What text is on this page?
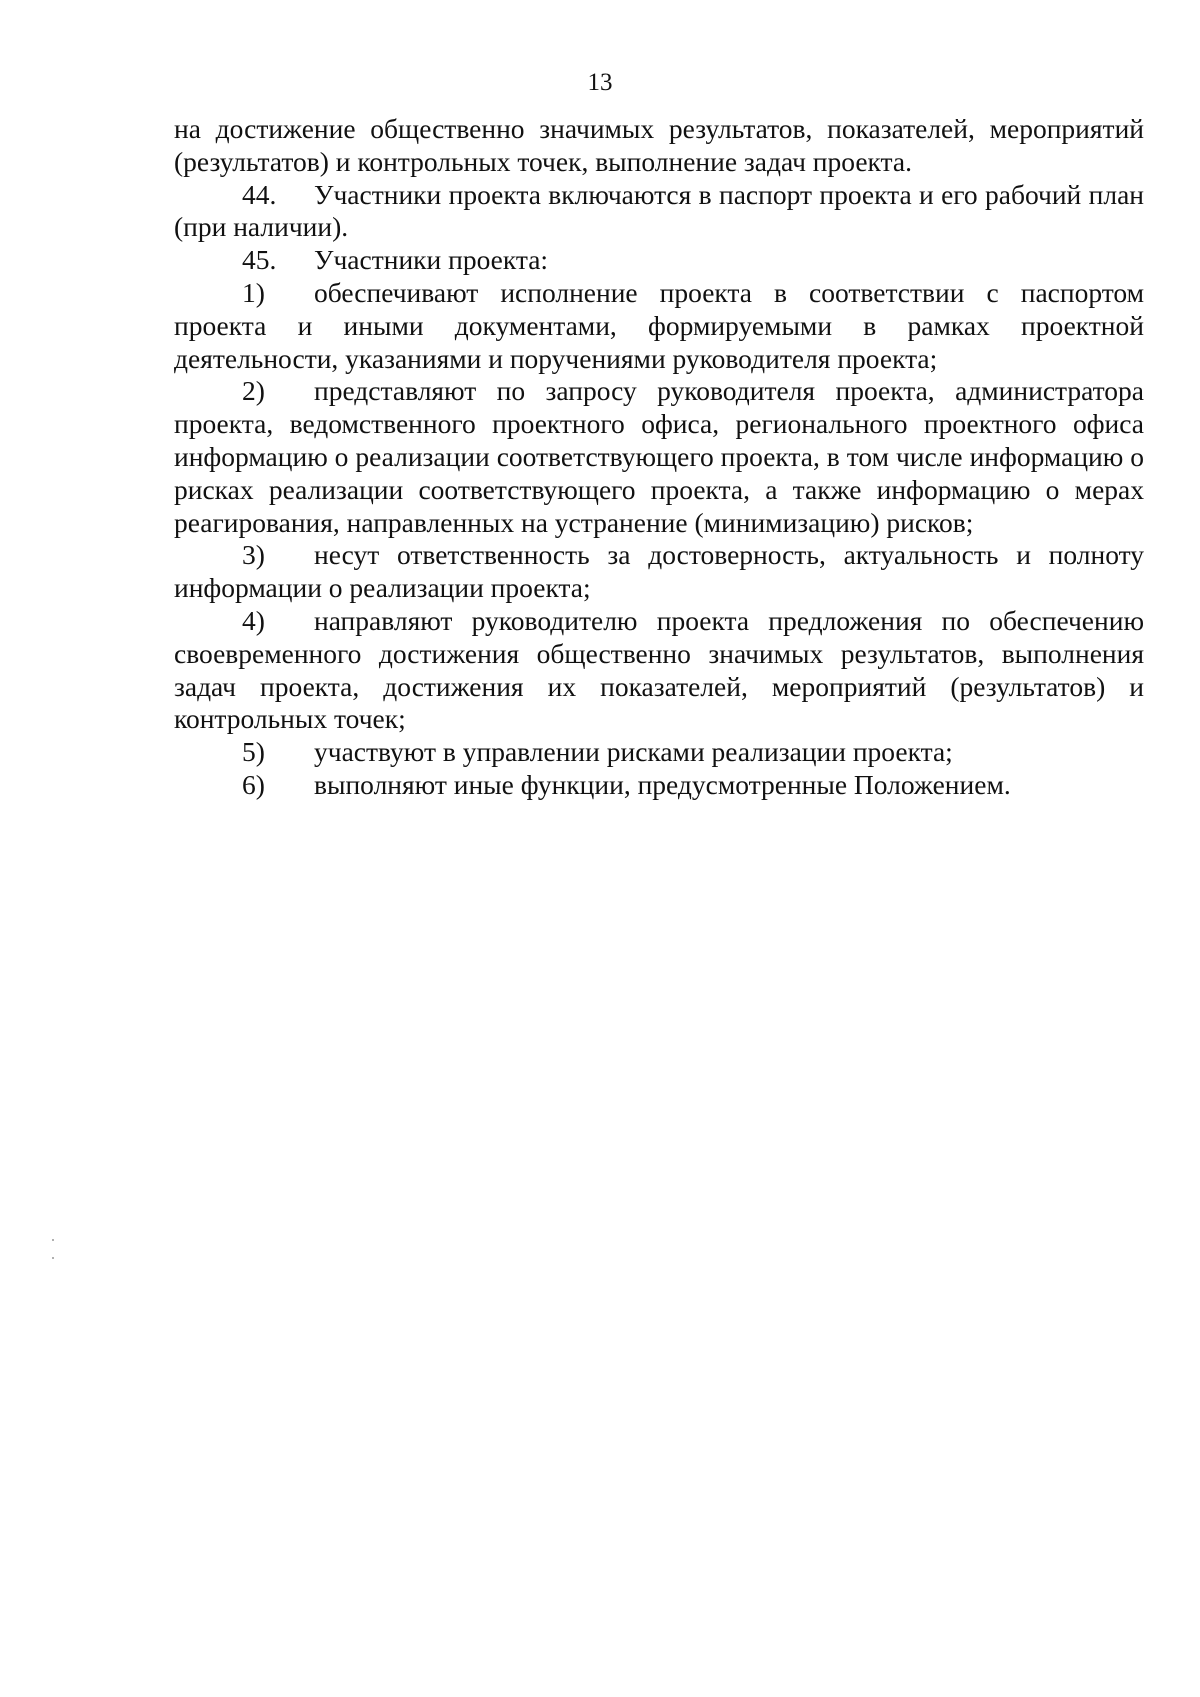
13

на достижение общественно значимых результатов, показателей, мероприятий (результатов) и контрольных точек, выполнение задач проекта.

44. Участники проекта включаются в паспорт проекта и его рабочий план (при наличии).

45. Участники проекта:

1) обеспечивают исполнение проекта в соответствии с паспортом проекта и иными документами, формируемыми в рамках проектной деятельности, указаниями и поручениями руководителя проекта;

2) представляют по запросу руководителя проекта, администратора проекта, ведомственного проектного офиса, регионального проектного офиса информацию о реализации соответствующего проекта, в том числе информацию о рисках реализации соответствующего проекта, а также информацию о мерах реагирования, направленных на устранение (минимизацию) рисков;

3) несут ответственность за достоверность, актуальность и полноту информации о реализации проекта;

4) направляют руководителю проекта предложения по обеспечению своевременного достижения общественно значимых результатов, выполнения задач проекта, достижения их показателей, мероприятий (результатов) и контрольных точек;

5) участвуют в управлении рисками реализации проекта;

6) выполняют иные функции, предусмотренные Положением.
